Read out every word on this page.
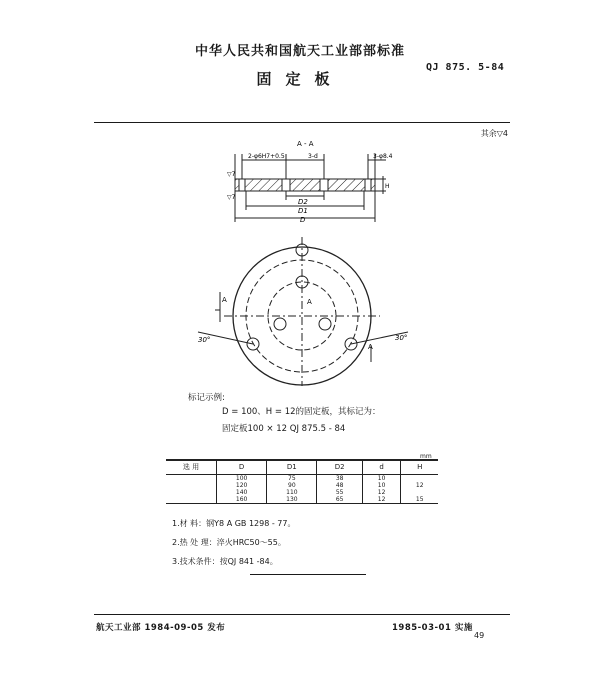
中华人民共和国航天工业部部标准
固定板
QJ 875. 5-84
其余▽4
A - A
2-φ6H7+0.5	3-d	3-φ8.4
D2
D1
D
H
▽7
▽7
A	A
30°	30°
A
标记示例:
D = 100、H = 12的固定板，其标记为：
固定板100 × 12 QJ 875.5 - 84
mm
选 用	D	D1	D2	d	H
	100	75	38	10	
	120	90	48	10	12
	140	110	55	12	
	160	130	65	12	15
1.材 料：钢Y8 A GB 1298 - 77。
2.热 处 理：淬火HRC50～55。
3.技术条件：按QJ 841 -84。
航天工业部 1984-09-05 发布	1985-03-01 实施
49
